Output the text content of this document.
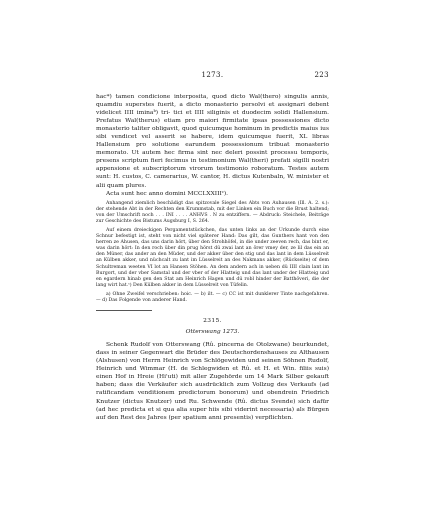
1273.	223

hac*) tamen condicione interposita, quod dicto Wal(thero) singulis annis, quamdiu superstes fuerit, a dicto monasterio persolvi et assignari debent videlicet IIII iminaᵇ) tri- tici et IIII siliginis et duodecim solidi Hallensium. Prefatus Wal(therus) etiam pro maiori firmitate ipsas possessiones dicto monasterio taliter obligavit, quod quicumque hominum in predictis maius ius sibi vendicet vel asserit se habere, idem quicumque fuerit, XL libras Hallensium pro solutione earundem possessionum tribuat monasterio memorato. Ut autem hec firma sint nec deleri possint processu temporis, presens scriptum fieri fecimus in testimonium Wal(theri) prefati sigilli nostri appensione et subscriptorum virorum testimonio roboratum. Testes autem sunt: H. custos, C. camerarius, W. cantor, H. dictus Kutenbaln, W. minister et alii quam plures.

Acta sunt hec anno domini MCCLXXIIIᶜ).

Anhangend ziemlich beschädigt das spitzovale Siegel des Abts von Auhausen (Ill. A. 2. s.): der stehende Abt in der Rechten den Krummstab, mit der Linken ein Buch vor die Brust haltend; von der Umschrift noch . . . INI . . . . ANHVS . N zu entziffern. — Abdruck: Steichele, Beiträge zur Geschichte des Bistums Augsburg I, S. 264.

Auf einem dreieckigen Pergamentstückchen, das unten links an der Urkunde durch eine Schnur befestigt ist, steht von nicht viel späterer Hand: Das gilt, das Gunthers hant von den herren ze Ahusen, das uns darin hört, über den Strohhöfel, in die under zeeven rech, das bint er, was darin hört: In den roch über din prug hörst dü zwai lant an ôrer vmey der, ze lil das ein an den Müner, das ander an den Müder, und der akker über den stig und das lant in dem Lüsselreit an Külben akker, und nüchcalt zu lant im Lüsselreit an des Nakmans akker, (Rückseite) of dem Schultreman weeten VI lot an Hansen Stöhen. An dem andern ach in ueben dü IIII clain lant im Burgort, und der vber Samstal und der vber of der Hlatteig und das lant under der Hlatteig und en egardern hinab gen den Stat am Heinrich Hagen und dü robl hinder der Batthöveri, die der lang wirt hat.ᶜ) Den Külben akker in dem Lüsselreit von Tüfelin.

a) Ohne Zweifel verschrieben: hoic. — b) ilt. — c) CC ist mit dunklerer Tinte nachgefahren. — d) Das Folgende von anderer Hand.
2315.
Otterswang 1273.

Schenk Rudolf von Otterswang (Rû. pincerna de Otolzwane) beurkundet, dass in seiner Gegenwart die Brüder des Deutschordenshauses zu Althausen (Alshusen) von Herrn Heinrich von Schlögewiden und seinen Söhnen Rudolf, Heinrich und Wimmar (H. de Schlegwiden et Rû. et H. et Win. filiis suis) einen Hof in Hreie (Hi'uti) mit aller Zugehörde um 14 Mark Silber gekauft haben; dass die Verkäufer sich ausdrücklich zum Vollzug des Verkaufs (ad ratificandam venditionem predictorum bonorum) und obendrein Friedrich Knutzer (dictus Knutzer) und Ru. Schwende (Rû. dictus Svende) sich dafür (ad hec predicta et si qua alia super hiis sibi viderint necessaria) als Bürgen auf den Rest des Jahres (per spatium anni presentis) verpflichten.
